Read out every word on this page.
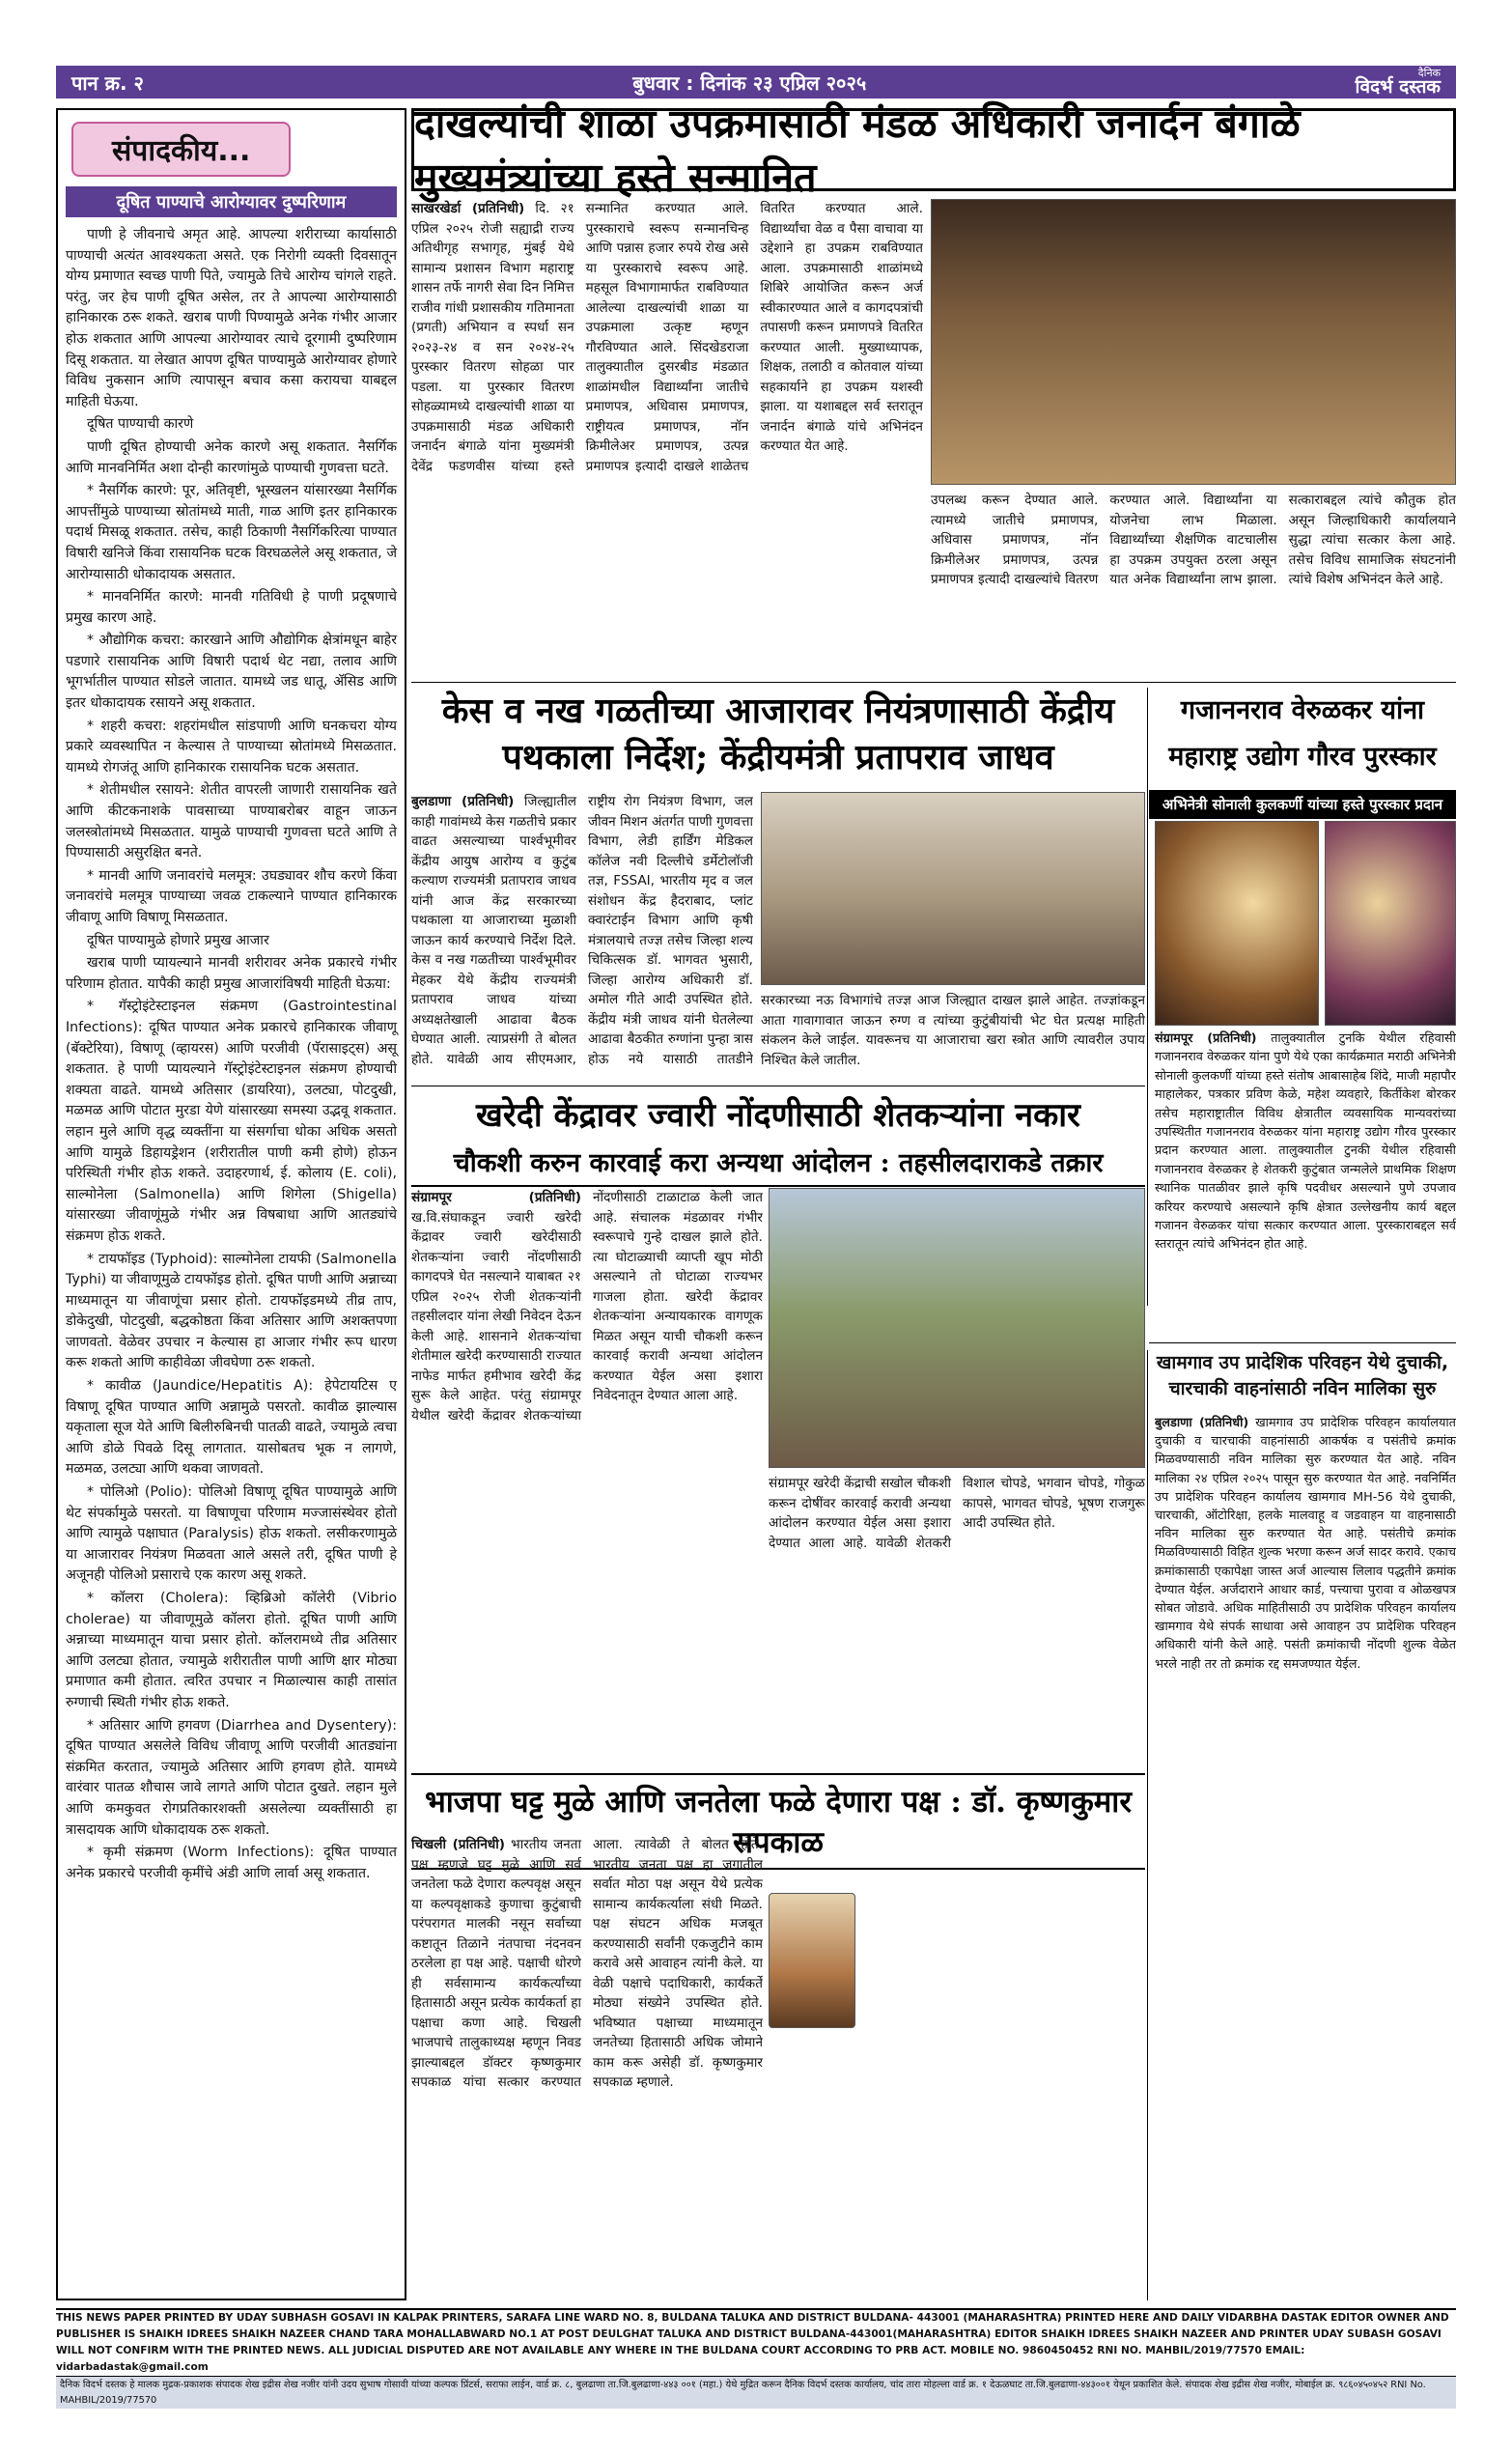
पान क्र. २	बुधवार : दिनांक २३ एप्रिल २०२५	दैनिक
विदर्भ दस्तक
संपादकीय...
दूषित पाण्याचे आरोग्यावर दुष्परिणाम

पाणी हे जीवनाचे अमृत आहे. आपल्या शरीराच्या कार्यासाठी पाण्याची अत्यंत आवश्यकता असते. एक निरोगी व्यक्ती दिवसातून योग्य प्रमाणात स्वच्छ पाणी पिते, ज्यामुळे तिचे आरोग्य चांगले राहते. परंतु, जर हेच पाणी दूषित असेल, तर ते आपल्या आरोग्यासाठी हानिकारक ठरू शकते. खराब पाणी पिण्यामुळे अनेक गंभीर आजार होऊ शकतात आणि आपल्या आरोग्यावर त्याचे दूरगामी दुष्परिणाम दिसू शकतात. या लेखात आपण दूषित पाण्यामुळे आरोग्यावर होणारे विविध नुकसान आणि त्यापासून बचाव कसा करायचा याबद्दल माहिती घेऊया.

दूषित पाण्याची कारणे

पाणी दूषित होण्याची अनेक कारणे असू शकतात. नैसर्गिक आणि मानवनिर्मित अशा दोन्ही कारणांमुळे पाण्याची गुणवत्ता घटते.

* नैसर्गिक कारणे: पूर, अतिवृष्टी, भूस्खलन यांसारख्या नैसर्गिक आपत्तींमुळे पाण्याच्या स्रोतांमध्ये माती, गाळ आणि इतर हानिकारक पदार्थ मिसळू शकतात. तसेच, काही ठिकाणी नैसर्गिकरित्या पाण्यात विषारी खनिजे किंवा रासायनिक घटक विरघळलेले असू शकतात, जे आरोग्यासाठी धोकादायक असतात.

* मानवनिर्मित कारणे: मानवी गतिविधी हे पाणी प्रदूषणाचे प्रमुख कारण आहे.

* औद्योगिक कचरा: कारखाने आणि औद्योगिक क्षेत्रांमधून बाहेर पडणारे रासायनिक आणि विषारी पदार्थ थेट नद्या, तलाव आणि भूगर्भातील पाण्यात सोडले जातात. यामध्ये जड धातू, ॲसिड आणि इतर धोकादायक रसायने असू शकतात.

* शहरी कचरा: शहरांमधील सांडपाणी आणि घनकचरा योग्य प्रकारे व्यवस्थापित न केल्यास ते पाण्याच्या स्रोतांमध्ये मिसळतात. यामध्ये रोगजंतू आणि हानिकारक रासायनिक घटक असतात.

* शेतीमधील रसायने: शेतीत वापरली जाणारी रासायनिक खते आणि कीटकनाशके पावसाच्या पाण्याबरोबर वाहून जाऊन जलस्त्रोतांमध्ये मिसळतात. यामुळे पाण्याची गुणवत्ता घटते आणि ते पिण्यासाठी असुरक्षित बनते.

* मानवी आणि जनावरांचे मलमूत्र: उघड्यावर शौच करणे किंवा जनावरांचे मलमूत्र पाण्याच्या जवळ टाकल्याने पाण्यात हानिकारक जीवाणू आणि विषाणू मिसळतात.

दूषित पाण्यामुळे होणारे प्रमुख आजार

खराब पाणी प्यायल्याने मानवी शरीरावर अनेक प्रकारचे गंभीर परिणाम होतात. यापैकी काही प्रमुख आजारांविषयी माहिती घेऊया:

* गॅस्ट्रोइंटेस्टाइनल संक्रमण (Gastrointestinal Infections): दूषित पाण्यात अनेक प्रकारचे हानिकारक जीवाणू (बॅक्टेरिया), विषाणू (व्हायरस) आणि परजीवी (पॅरासाइट्स) असू शकतात. हे पाणी प्यायल्याने गॅस्ट्रोइंटेस्टाइनल संक्रमण होण्याची शक्यता वाढते. यामध्ये अतिसार (डायरिया), उलट्या, पोटदुखी, मळमळ आणि पोटात मुरडा येणे यांसारख्या समस्या उद्भवू शकतात. लहान मुले आणि वृद्ध व्यक्तींना या संसर्गाचा धोका अधिक असतो आणि यामुळे डिहायड्रेशन (शरीरातील पाणी कमी होणे) होऊन परिस्थिती गंभीर होऊ शकते. उदाहरणार्थ, ई. कोलाय (E. coli), साल्मोनेला (Salmonella) आणि शिगेला (Shigella) यांसारख्या जीवाणूंमुळे गंभीर अन्न विषबाधा आणि आतड्यांचे संक्रमण होऊ शकते.

* टायफॉइड (Typhoid): साल्मोनेला टायफी (Salmonella Typhi) या जीवाणूमुळे टायफॉइड होतो. दूषित पाणी आणि अन्नाच्या माध्यमातून या जीवाणूंचा प्रसार होतो. टायफॉइडमध्ये तीव्र ताप, डोकेदुखी, पोटदुखी, बद्धकोष्ठता किंवा अतिसार आणि अशक्तपणा जाणवतो. वेळेवर उपचार न केल्यास हा आजार गंभीर रूप धारण करू शकतो आणि काहीवेळा जीवघेणा ठरू शकतो.

* कावीळ (Jaundice/Hepatitis A): हेपेटायटिस ए विषाणू दूषित पाण्यात आणि अन्नामुळे पसरतो. कावीळ झाल्यास यकृताला सूज येते आणि बिलीरुबिनची पातळी वाढते, ज्यामुळे त्वचा आणि डोळे पिवळे दिसू लागतात. यासोबतच भूक न लागणे, मळमळ, उलट्या आणि थकवा जाणवतो.

* पोलिओ (Polio): पोलिओ विषाणू दूषित पाण्यामुळे आणि थेट संपर्कामुळे पसरतो. या विषाणूचा परिणाम मज्जासंस्थेवर होतो आणि त्यामुळे पक्षाघात (Paralysis) होऊ शकतो. लसीकरणामुळे या आजारावर नियंत्रण मिळवता आले असले तरी, दूषित पाणी हे अजूनही पोलिओ प्रसाराचे एक कारण असू शकते.

* कॉलरा (Cholera): व्हिब्रिओ कॉलेरी (Vibrio cholerae) या जीवाणूमुळे कॉलरा होतो. दूषित पाणी आणि अन्नाच्या माध्यमातून याचा प्रसार होतो. कॉलरामध्ये तीव्र अतिसार आणि उलट्या होतात, ज्यामुळे शरीरातील पाणी आणि क्षार मोठ्या प्रमाणात कमी होतात. त्वरित उपचार न मिळाल्यास काही तासांत रुग्णाची स्थिती गंभीर होऊ शकते.

* अतिसार आणि हगवण (Diarrhea and Dysentery): दूषित पाण्यात असलेले विविध जीवाणू आणि परजीवी आतड्यांना संक्रमित करतात, ज्यामुळे अतिसार आणि हगवण होते. यामध्ये वारंवार पातळ शौचास जावे लागते आणि पोटात दुखते. लहान मुले आणि कमकुवत रोगप्रतिकारशक्ती असलेल्या व्यक्तींसाठी हा त्रासदायक आणि धोकादायक ठरू शकतो.

* कृमी संक्रमण (Worm Infections): दूषित पाण्यात अनेक प्रकारचे परजीवी कृमींचे अंडी आणि लार्वा असू शकतात.

दाखल्यांची शाळा उपक्रमासाठी मंडळ अधिकारी जनार्दन बंगाळे मुख्यमंत्र्यांच्या हस्ते सन्मानित
साखरखेर्डा (प्रतिनिधी) दि. २१ एप्रिल २०२५ रोजी सह्याद्री राज्य अतिथीगृह सभागृह, मुंबई येथे सामान्य प्रशासन विभाग महाराष्ट्र शासन तर्फे नागरी सेवा दिन निमित्त राजीव गांधी प्रशासकीय गतिमानता (प्रगती) अभियान व स्पर्धा सन २०२३-२४ व सन २०२४-२५ पुरस्कार वितरण सोहळा पार पडला. या पुरस्कार वितरण सोहळ्यामध्ये दाखल्यांची शाळा या उपक्रमासाठी मंडळ अधिकारी जनार्दन बंगाळे यांना मुख्यमंत्री देवेंद्र फडणवीस यांच्या हस्ते सन्मानित करण्यात आले. पुरस्काराचे स्वरूप सन्मानचिन्ह आणि पन्नास हजार रुपये रोख असे या पुरस्काराचे स्वरूप आहे. महसूल विभागामार्फत राबविण्यात आलेल्या दाखल्यांची शाळा या उपक्रमाला उत्कृष्ट म्हणून गौरविण्यात आले. सिंदखेडराजा तालुक्यातील दुसरबीड मंडळात शाळांमधील विद्यार्थ्यांना जातीचे प्रमाणपत्र, अधिवास प्रमाणपत्र, राष्ट्रीयत्व प्रमाणपत्र, नॉन क्रिमीलेअर प्रमाणपत्र, उत्पन्न प्रमाणपत्र इत्यादी दाखले शाळेतच वितरित करण्यात आले. विद्यार्थ्यांचा वेळ व पैसा वाचावा या उद्देशाने हा उपक्रम राबविण्यात आला. उपक्रमासाठी शाळांमध्ये शिबिरे आयोजित करून अर्ज स्वीकारण्यात आले व कागदपत्रांची तपासणी करून प्रमाणपत्रे वितरित करण्यात आली. मुख्याध्यापक, शिक्षक, तलाठी व कोतवाल यांच्या सहकार्याने हा उपक्रम यशस्वी झाला. या यशाबद्दल सर्व स्तरातून जनार्दन बंगाळे यांचे अभिनंदन करण्यात येत आहे.
उपलब्ध करून देण्यात आले. त्यामध्ये जातीचे प्रमाणपत्र, अधिवास प्रमाणपत्र, नॉन क्रिमीलेअर प्रमाणपत्र, उत्पन्न प्रमाणपत्र इत्यादी दाखल्यांचे वितरण करण्यात आले. विद्यार्थ्यांना या योजनेचा लाभ मिळाला. विद्यार्थ्यांच्या शैक्षणिक वाटचालीस हा उपक्रम उपयुक्त ठरला असून यात अनेक विद्यार्थ्यांना लाभ झाला. सत्काराबद्दल त्यांचे कौतुक होत असून जिल्हाधिकारी कार्यालयाने सुद्धा त्यांचा सत्कार केला आहे. तसेच विविध सामाजिक संघटनांनी त्यांचे विशेष अभिनंदन केले आहे.
केस व नख गळतीच्या आजारावर नियंत्रणासाठी केंद्रीय पथकाला निर्देश; केंद्रीयमंत्री प्रतापराव जाधव
बुलडाणा (प्रतिनिधी) जिल्ह्यातील काही गावांमध्ये केस गळतीचे प्रकार वाढत असल्याच्या पार्श्वभूमीवर केंद्रीय आयुष आरोग्य व कुटुंब कल्याण राज्यमंत्री प्रतापराव जाधव यांनी आज केंद्र सरकारच्या पथकाला या आजाराच्या मुळाशी जाऊन कार्य करण्याचे निर्देश दिले. केस व नख गळतीच्या पार्श्वभूमीवर मेहकर येथे केंद्रीय राज्यमंत्री प्रतापराव जाधव यांच्या अध्यक्षतेखाली आढावा बैठक घेण्यात आली. त्याप्रसंगी ते बोलत होते. यावेळी आय सीएमआर, राष्ट्रीय रोग नियंत्रण विभाग, जल जीवन मिशन अंतर्गत पाणी गुणवत्ता विभाग, लेडी हार्डिंग मेडिकल कॉलेज नवी दिल्लीचे डर्मेटोलॉजी तज्ञ, FSSAI, भारतीय मृद व जल संशोधन केंद्र हैदराबाद, प्लांट क्वारंटाईन विभाग आणि कृषी मंत्रालयाचे तज्ज्ञ तसेच जिल्हा शल्य चिकित्सक डॉ. भागवत भुसारी, जिल्हा आरोग्य अधिकारी डॉ. अमोल गीते आदी उपस्थित होते. केंद्रीय मंत्री जाधव यांनी घेतलेल्या आढावा बैठकीत रुग्णांना पुन्हा त्रास होऊ नये यासाठी तातडीने
सरकारच्या नऊ विभागांचे तज्ज्ञ आज जिल्ह्यात दाखल झाले आहेत. तज्ज्ञांकडून आता गावागावात जाऊन रुग्ण व त्यांच्या कुटुंबीयांची भेट घेत प्रत्यक्ष माहिती संकलन केले जाईल. यावरूनच या आजाराचा खरा स्त्रोत आणि त्यावरील उपाय निश्चित केले जातील.
गजाननराव वेरुळकर यांना महाराष्ट्र उद्योग गौरव पुरस्कार
अभिनेत्री सोनाली कुलकर्णी यांच्या हस्ते पुरस्कार प्रदान
संग्रामपूर (प्रतिनिधी) तालुक्यातील टुनकि येथील रहिवासी गजाननराव वेरुळकर यांना पुणे येथे एका कार्यक्रमात मराठी अभिनेत्री सोनाली कुलकर्णी यांच्या हस्ते संतोष आबासाहेब शिंदे, माजी महापौर माहालेकर, पत्रकार प्रविण केळे, महेश व्यवहारे, किर्तीकेश बोरकर तसेच महाराष्ट्रातील विविध क्षेत्रातील व्यवसायिक मान्यवरांच्या उपस्थितीत गजाननराव वेरुळकर यांना महाराष्ट्र उद्योग गौरव पुरस्कार प्रदान करण्यात आला. तालुक्यातील टुनकी येथील रहिवासी गजाननराव वेरुळकर हे शेतकरी कुटुंबात जन्मलेले प्राथमिक शिक्षण स्थानिक पातळीवर झाले कृषि पदवीधर असल्याने पुणे उपजाव करियर करण्याचे असल्याने कृषि क्षेत्रात उल्लेखनीय कार्य बद्दल गजानन वेरुळकर यांचा सत्कार करण्यात आला. पुरस्काराबद्दल सर्व स्तरातून त्यांचे अभिनंदन होत आहे.
खरेदी केंद्रावर ज्वारी नोंदणीसाठी शेतकऱ्यांना नकार
चौकशी करुन कारवाई करा अन्यथा आंदोलन : तहसीलदाराकडे तक्रार
संग्रामपूर (प्रतिनिधी) ख.वि.संघाकडून ज्वारी खरेदी केंद्रावर ज्वारी खरेदीसाठी शेतकऱ्यांना ज्वारी नोंदणीसाठी कागदपत्रे घेत नसल्याने याबाबत २१ एप्रिल २०२५ रोजी शेतकऱ्यांनी तहसीलदार यांना लेखी निवेदन देऊन केली आहे. शासनाने शेतकऱ्यांचा शेतीमाल खरेदी करण्यासाठी राज्यात नाफेड मार्फत हमीभाव खरेदी केंद्र सुरू केले आहेत. परंतु संग्रामपूर येथील खरेदी केंद्रावर शेतकऱ्यांच्या नोंदणीसाठी टाळाटाळ केली जात आहे. संचालक मंडळावर गंभीर स्वरूपाचे गुन्हे दाखल झाले होते. त्या घोटाळ्याची व्याप्ती खूप मोठी असल्याने तो घोटाळा राज्यभर गाजला होता. खरेदी केंद्रावर शेतकऱ्यांना अन्यायकारक वागणूक मिळत असून याची चौकशी करून कारवाई करावी अन्यथा आंदोलन करण्यात येईल असा इशारा निवेदनातून देण्यात आला आहे.
संग्रामपूर खरेदी केंद्राची सखोल चौकशी करून दोषींवर कारवाई करावी अन्यथा आंदोलन करण्यात येईल असा इशारा देण्यात आला आहे. यावेळी शेतकरी विशाल चोपडे, भगवान चोपडे, गोकुळ कापसे, भागवत चोपडे, भूषण राजगुरू आदी उपस्थित होते.
खामगाव उप प्रादेशिक परिवहन येथे दुचाकी, चारचाकी वाहनांसाठी नविन मालिका सुरु
बुलडाणा (प्रतिनिधी) खामगाव उप प्रादेशिक परिवहन कार्यालयात दुचाकी व चारचाकी वाहनांसाठी आकर्षक व पसंतीचे क्रमांक मिळवण्यासाठी नविन मालिका सुरु करण्यात येत आहे. नविन मालिका २४ एप्रिल २०२५ पासून सुरु करण्यात येत आहे. नवनिर्मित उप प्रादेशिक परिवहन कार्यालय खामगाव MH-56 येथे दुचाकी, चारचाकी, ऑटोरिक्षा, हलके मालवाहू व जडवाहन या वाहनासाठी नविन मालिका सुरु करण्यात येत आहे. पसंतीचे क्रमांक मिळविण्यासाठी विहित शुल्क भरणा करून अर्ज सादर करावे. एकाच क्रमांकासाठी एकापेक्षा जास्त अर्ज आल्यास लिलाव पद्धतीने क्रमांक देण्यात येईल. अर्जदाराने आधार कार्ड, पत्त्याचा पुरावा व ओळखपत्र सोबत जोडावे. अधिक माहितीसाठी उप प्रादेशिक परिवहन कार्यालय खामगाव येथे संपर्क साधावा असे आवाहन उप प्रादेशिक परिवहन अधिकारी यांनी केले आहे. पसंती क्रमांकाची नोंदणी शुल्क वेळेत भरले नाही तर तो क्रमांक रद्द समजण्यात येईल.
भाजपा घट्ट मुळे आणि जनतेला फळे देणारा पक्ष : डॉ. कृष्णकुमार सपकाळ
चिखली (प्रतिनिधी) भारतीय जनता पक्ष म्हणजे घट्ट मुळे आणि सर्व जनतेला फळे देणारा कल्पवृक्ष असून या कल्पवृक्षाकडे कुणाचा कुटुंबाची परंपरागत मालकी नसून सर्वाच्या कष्टातून तिळाने नंतपाचा नंदनवन ठरलेला हा पक्ष आहे. पक्षाची धोरणे ही सर्वसामान्य कार्यकर्त्यांच्या हितासाठी असून प्रत्येक कार्यकर्ता हा पक्षाचा कणा आहे. चिखली भाजपाचे तालुकाध्यक्ष म्हणून निवड झाल्याबद्दल डॉक्टर कृष्णकुमार सपकाळ यांचा सत्कार करण्यात आला. त्यावेळी ते बोलत होते. भारतीय जनता पक्ष हा जगातील सर्वात मोठा पक्ष असून येथे प्रत्येक सामान्य कार्यकर्त्याला संधी मिळते. पक्ष संघटन अधिक मजबूत करण्यासाठी सर्वांनी एकजुटीने काम करावे असे आवाहन त्यांनी केले. या वेळी पक्षाचे पदाधिकारी, कार्यकर्ते मोठ्या संख्येने उपस्थित होते. भविष्यात पक्षाच्या माध्यमातून जनतेच्या हितासाठी अधिक जोमाने काम करू असेही डॉ. कृष्णकुमार सपकाळ म्हणाले.
THIS NEWS PAPER PRINTED BY UDAY SUBHASH GOSAVI IN KALPAK PRINTERS, SARAFA LINE WARD NO. 8, BULDANA TALUKA AND DISTRICT BULDANA- 443001 (MAHARASHTRA) PRINTED HERE AND DAILY VIDARBHA DASTAK EDITOR OWNER AND PUBLISHER IS SHAIKH IDREES SHAIKH NAZEER CHAND TARA MOHALLABWARD NO.1 AT POST DEULGHAT TALUKA AND DISTRICT BULDANA-443001(MAHARASHTRA) EDITOR SHAIKH IDREES SHAIKH NAZEER AND PRINTER UDAY SUBASH GOSAVI WILL NOT CONFIRM WITH THE PRINTED NEWS. ALL JUDICIAL DISPUTED ARE NOT AVAILABLE ANY WHERE IN THE BULDANA COURT ACCORDING TO PRB ACT. MOBILE NO. 9860450452 RNI NO. MAHBIL/2019/77570 EMAIL: vidarbadastak@gmail.com
दैनिक विदर्भ दस्तक हे मालक मुद्रक-प्रकाशक संपादक शेख इद्रीस शेख नजीर यांनी उदय सुभाष गोसावी यांच्या कल्पक प्रिंटर्स, सराफा लाईन, वार्ड क्र. ८, बुलढाणा ता.जि.बुलढाणा-४४३ ००१ (महा.) येथे मुद्रित करून दैनिक विदर्भ दस्तक कार्यालय, चांद तारा मोहल्ला वार्ड क्र. १ देऊळघाट ता.जि.बुलढाणा-४४३००१ येथून प्रकाशित केले. संपादक शेख इद्रीस शेख नजीर, मोबाईल क्र. ९८६०४५०४५२ RNI No. MAHBIL/2019/77570
